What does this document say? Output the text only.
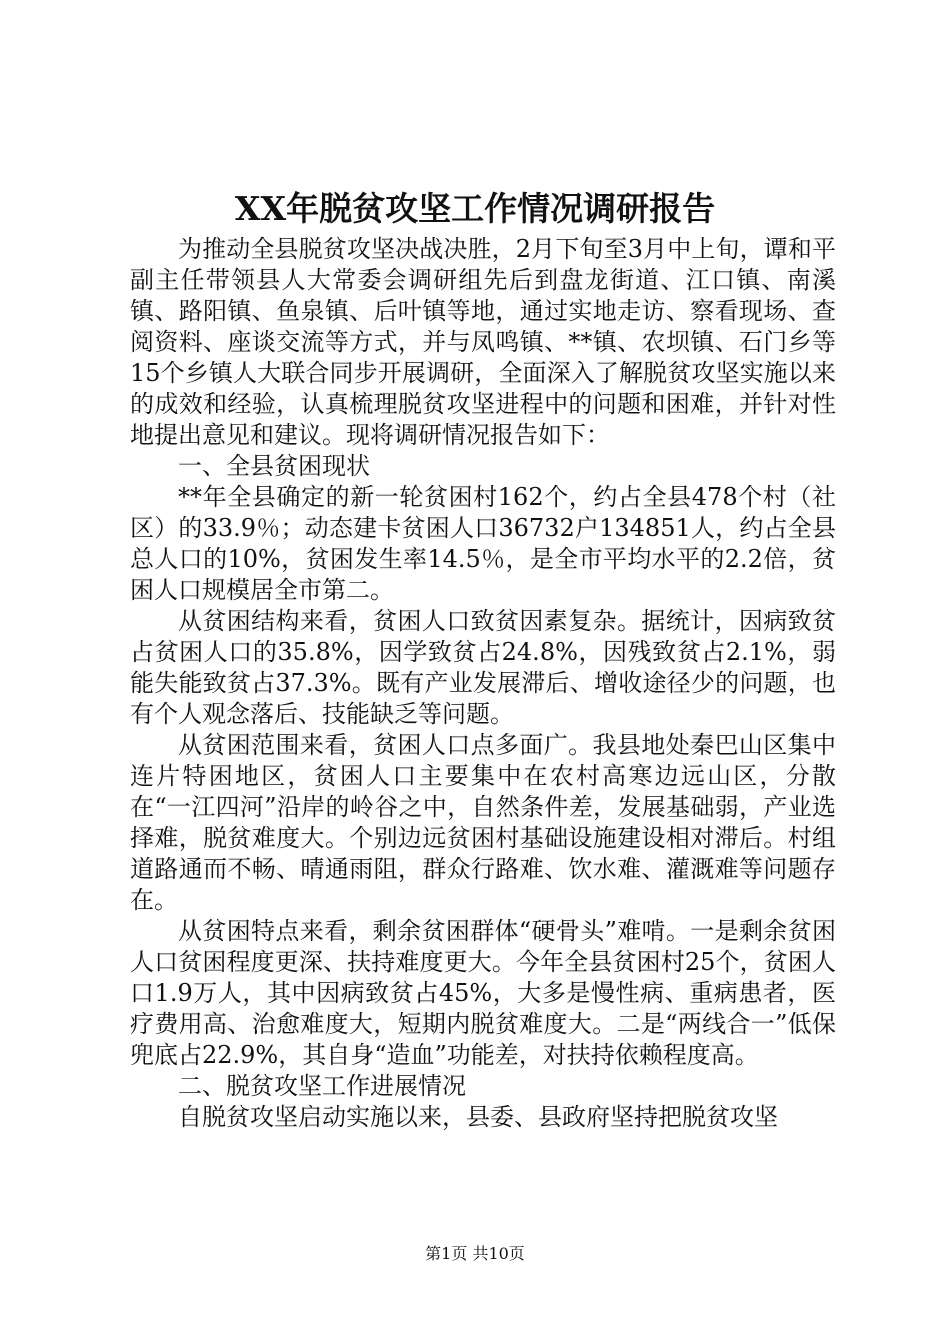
XX年脱贫攻坚工作情况调研报告

为推动全县脱贫攻坚决战决胜，2月下旬至3月中上旬，谭和平副主任带领县人大常委会调研组先后到盘龙街道、江口镇、南溪镇、路阳镇、鱼泉镇、后叶镇等地，通过实地走访、察看现场、查阅资料、座谈交流等方式，并与凤鸣镇、**镇、农坝镇、石门乡等15个乡镇人大联合同步开展调研，全面深入了解脱贫攻坚实施以来的成效和经验，认真梳理脱贫攻坚进程中的问题和困难，并针对性地提出意见和建议。现将调研情况报告如下：

一、全县贫困现状

**年全县确定的新一轮贫困村162个，约占全县478个村（社区）的33.9％；动态建卡贫困人口36732户134851人，约占全县总人口的10%，贫困发生率14.5％，是全市平均水平的2.2倍，贫困人口规模居全市第二。

从贫困结构来看，贫困人口致贫因素复杂。据统计，因病致贫占贫困人口的35.8%，因学致贫占24.8%，因残致贫占2.1%，弱能失能致贫占37.3%。既有产业发展滞后、增收途径少的问题，也有个人观念落后、技能缺乏等问题。

从贫困范围来看，贫困人口点多面广。我县地处秦巴山区集中连片特困地区，贫困人口主要集中在农村高寒边远山区，分散在“一江四河”沿岸的岭谷之中，自然条件差，发展基础弱，产业选择难，脱贫难度大。个别边远贫困村基础设施建设相对滞后。村组道路通而不畅、晴通雨阻，群众行路难、饮水难、灌溉难等问题存在。

从贫困特点来看，剩余贫困群体“硬骨头”难啃。一是剩余贫困人口贫困程度更深、扶持难度更大。今年全县贫困村25个，贫困人口1.9万人，其中因病致贫占45%，大多是慢性病、重病患者，医疗费用高、治愈难度大，短期内脱贫难度大。二是“两线合一”低保兜底占22.9%，其自身“造血”功能差，对扶持依赖程度高。

二、脱贫攻坚工作进展情况

自脱贫攻坚启动实施以来，县委、县政府坚持把脱贫攻坚

第1页 共10页
